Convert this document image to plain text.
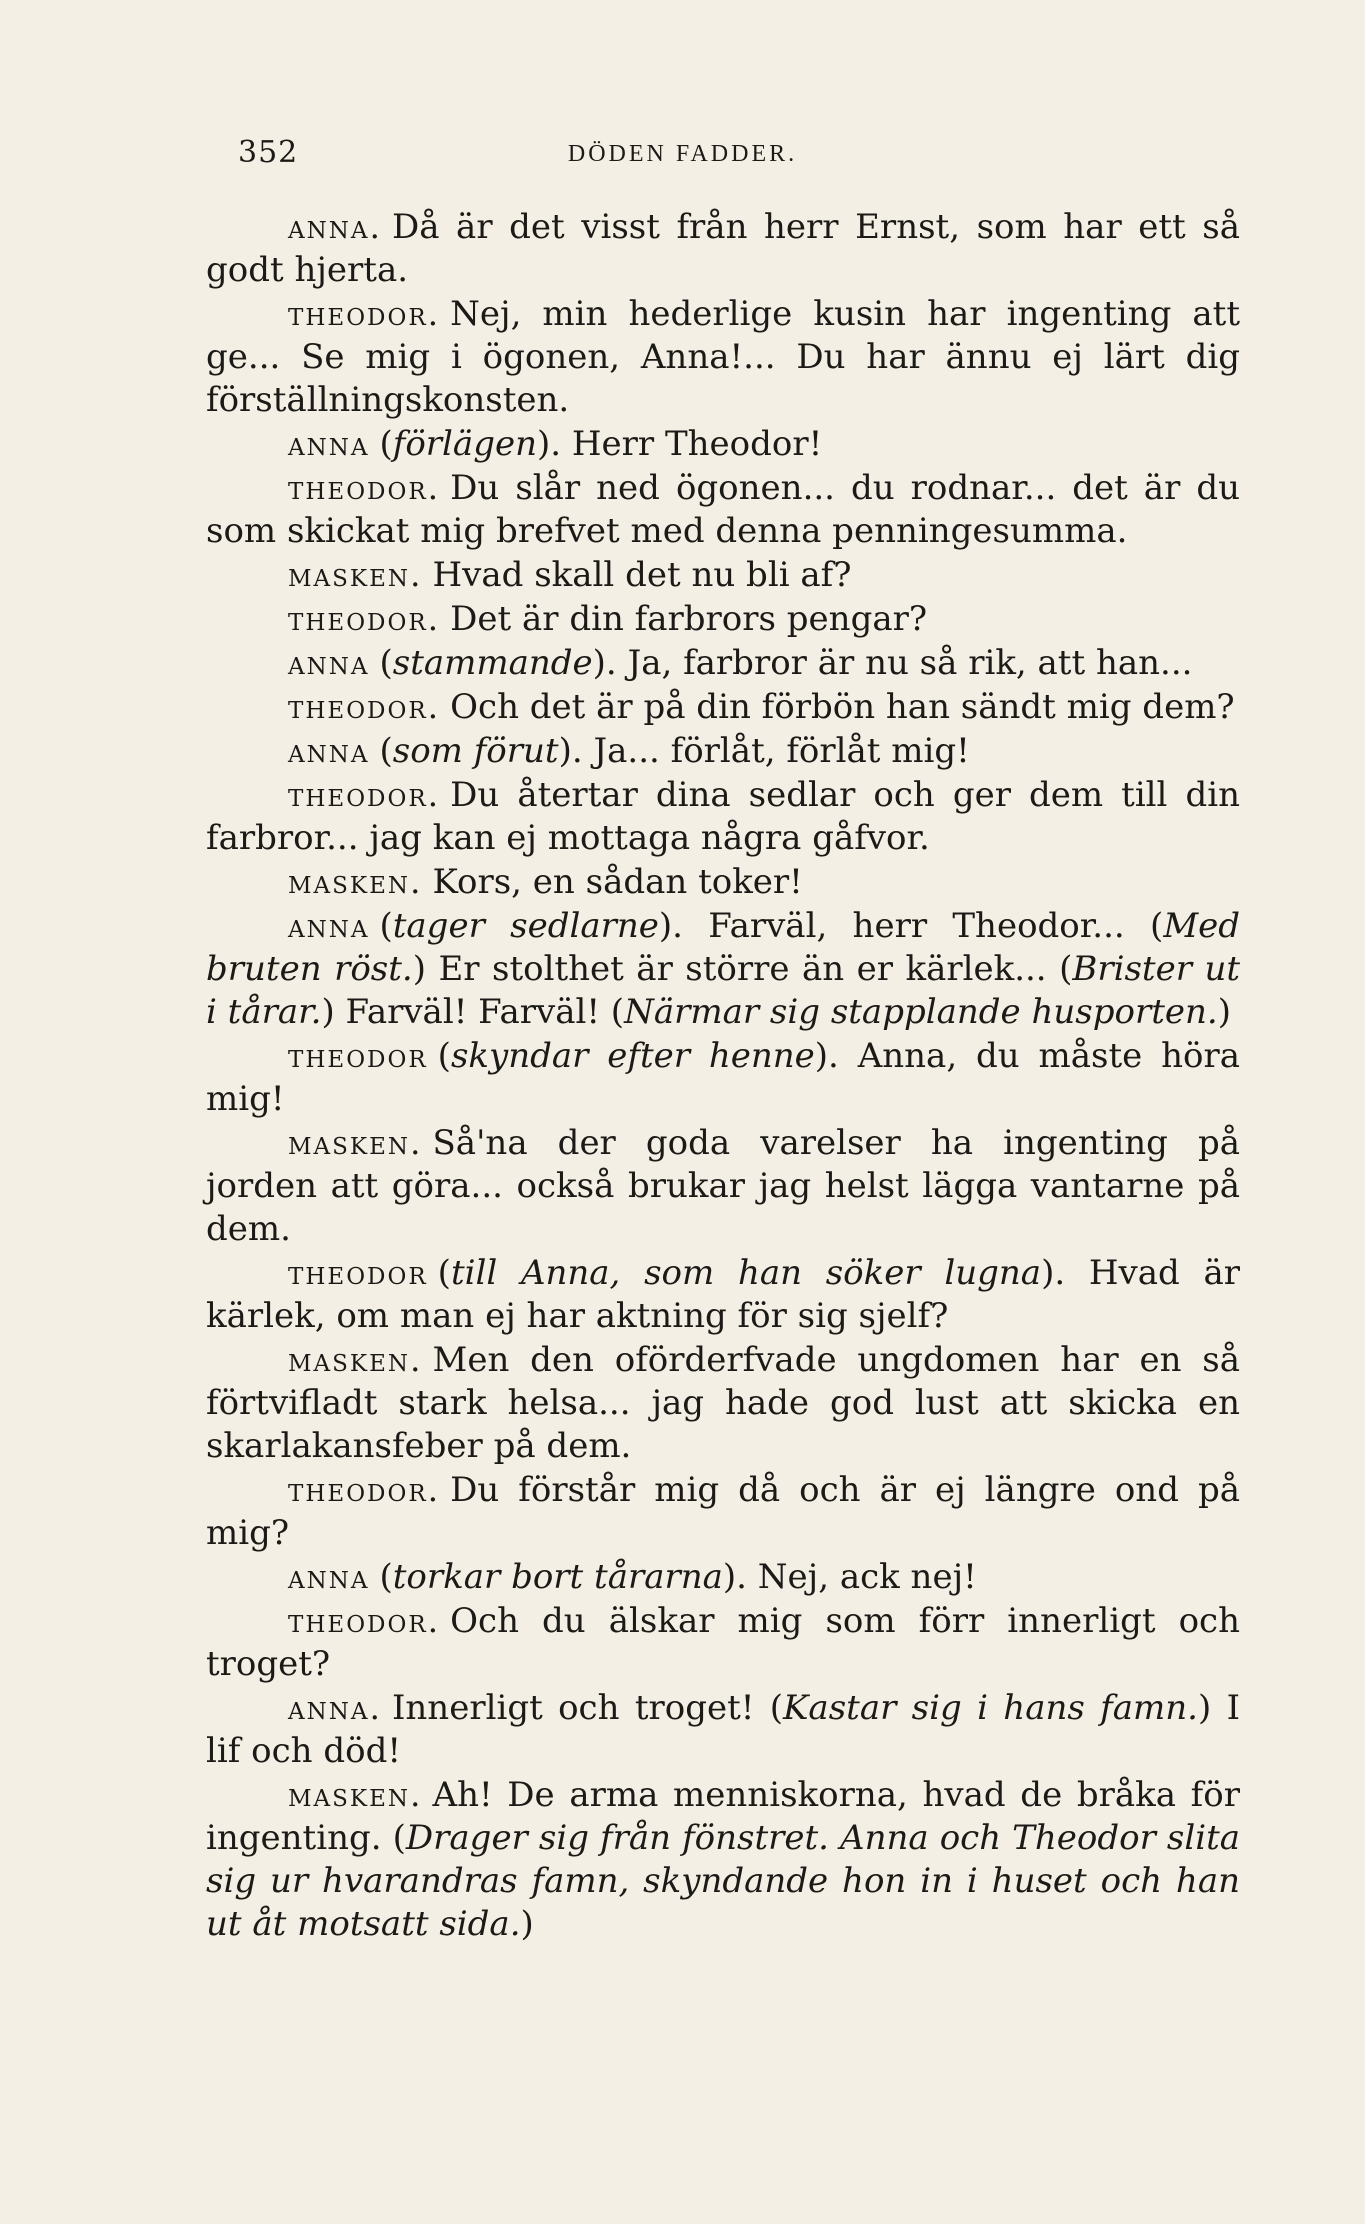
352	DÖDEN FADDER.

anna. Då är det visst från herr Ernst, som har ett så godt hjerta.

theodor. Nej, min hederlige kusin har ingenting att ge... Se mig i ögonen, Anna!... Du har ännu ej lärt dig förställningskonsten.

anna (förlägen). Herr Theodor!

theodor. Du slår ned ögonen... du rodnar... det är du som skickat mig brefvet med denna penningesumma.

masken. Hvad skall det nu bli af?

theodor. Det är din farbrors pengar?

anna (stammande). Ja, farbror är nu så rik, att han...

theodor. Och det är på din förbön han sändt mig dem?

anna (som förut). Ja... förlåt, förlåt mig!

theodor. Du återtar dina sedlar och ger dem till din farbror... jag kan ej mottaga några gåfvor.

masken. Kors, en sådan toker!

anna (tager sedlarne). Farväl, herr Theodor... (Med bruten röst.) Er stolthet är större än er kärlek... (Brister ut i tårar.) Farväl! Farväl! (Närmar sig stapplande husporten.)

theodor (skyndar efter henne). Anna, du måste höra mig!

masken. Så'na der goda varelser ha ingenting på jorden att göra... också brukar jag helst lägga vantarne på dem.

theodor (till Anna, som han söker lugna). Hvad är kärlek, om man ej har aktning för sig sjelf?

masken. Men den oförderfvade ungdomen har en så förtvifladt stark helsa... jag hade god lust att skicka en skarlakansfeber på dem.

theodor. Du förstår mig då och är ej längre ond på mig?

anna (torkar bort tårarna). Nej, ack nej!

theodor. Och du älskar mig som förr innerligt och troget?

anna. Innerligt och troget! (Kastar sig i hans famn.) I lif och död!

masken. Ah! De arma menniskorna, hvad de bråka för ingenting. (Drager sig från fönstret. Anna och Theodor slita sig ur hvarandras famn, skyndande hon in i huset och han ut åt motsatt sida.)
